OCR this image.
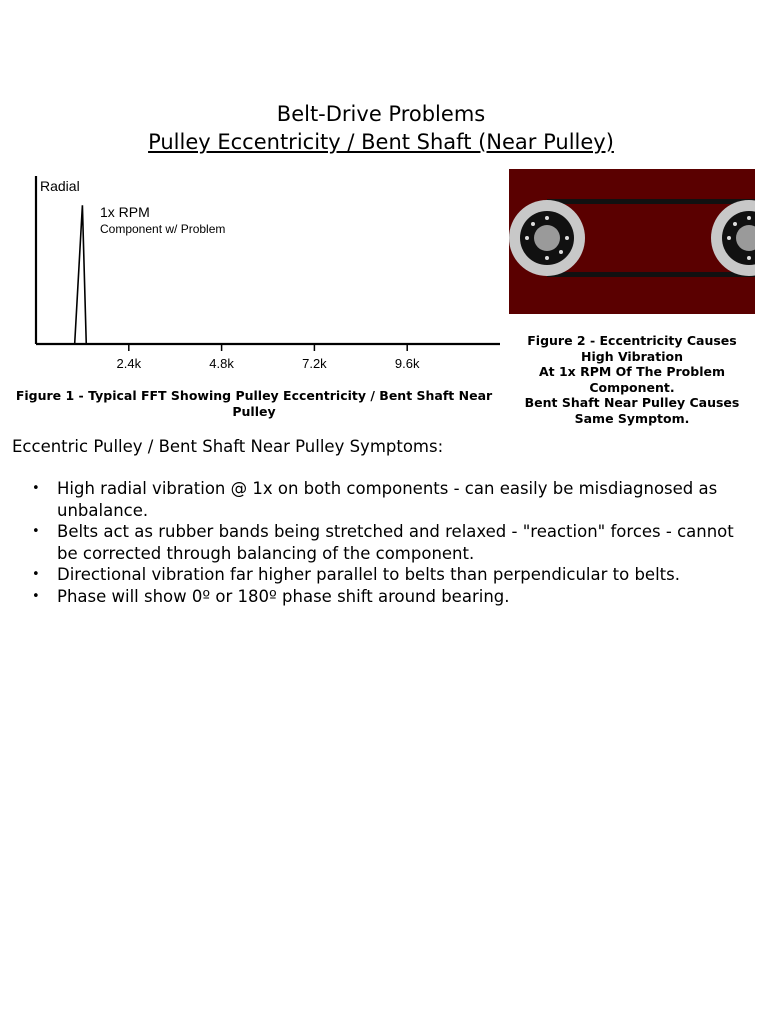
Belt-Drive Problems
Pulley Eccentricity / Bent Shaft (Near Pulley)
Radial
1x RPM
Component w/ Problem
2.4k	4.8k	7.2k	9.6k
Figure 1 - Typical FFT Showing Pulley Eccentricity / Bent Shaft Near Pulley
Figure 2 - Eccentricity Causes
High Vibration
At 1x RPM Of The Problem
Component.
Bent Shaft Near Pulley Causes
Same Symptom.
Eccentric Pulley / Bent Shaft Near Pulley Symptoms:
• High radial vibration @ 1x on both components - can easily be misdiagnosed as unbalance.
• Belts act as rubber bands being stretched and relaxed - "reaction" forces - cannot be corrected through balancing of the component.
• Directional vibration far higher parallel to belts than perpendicular to belts.
• Phase will show 0º or 180º phase shift around bearing.
